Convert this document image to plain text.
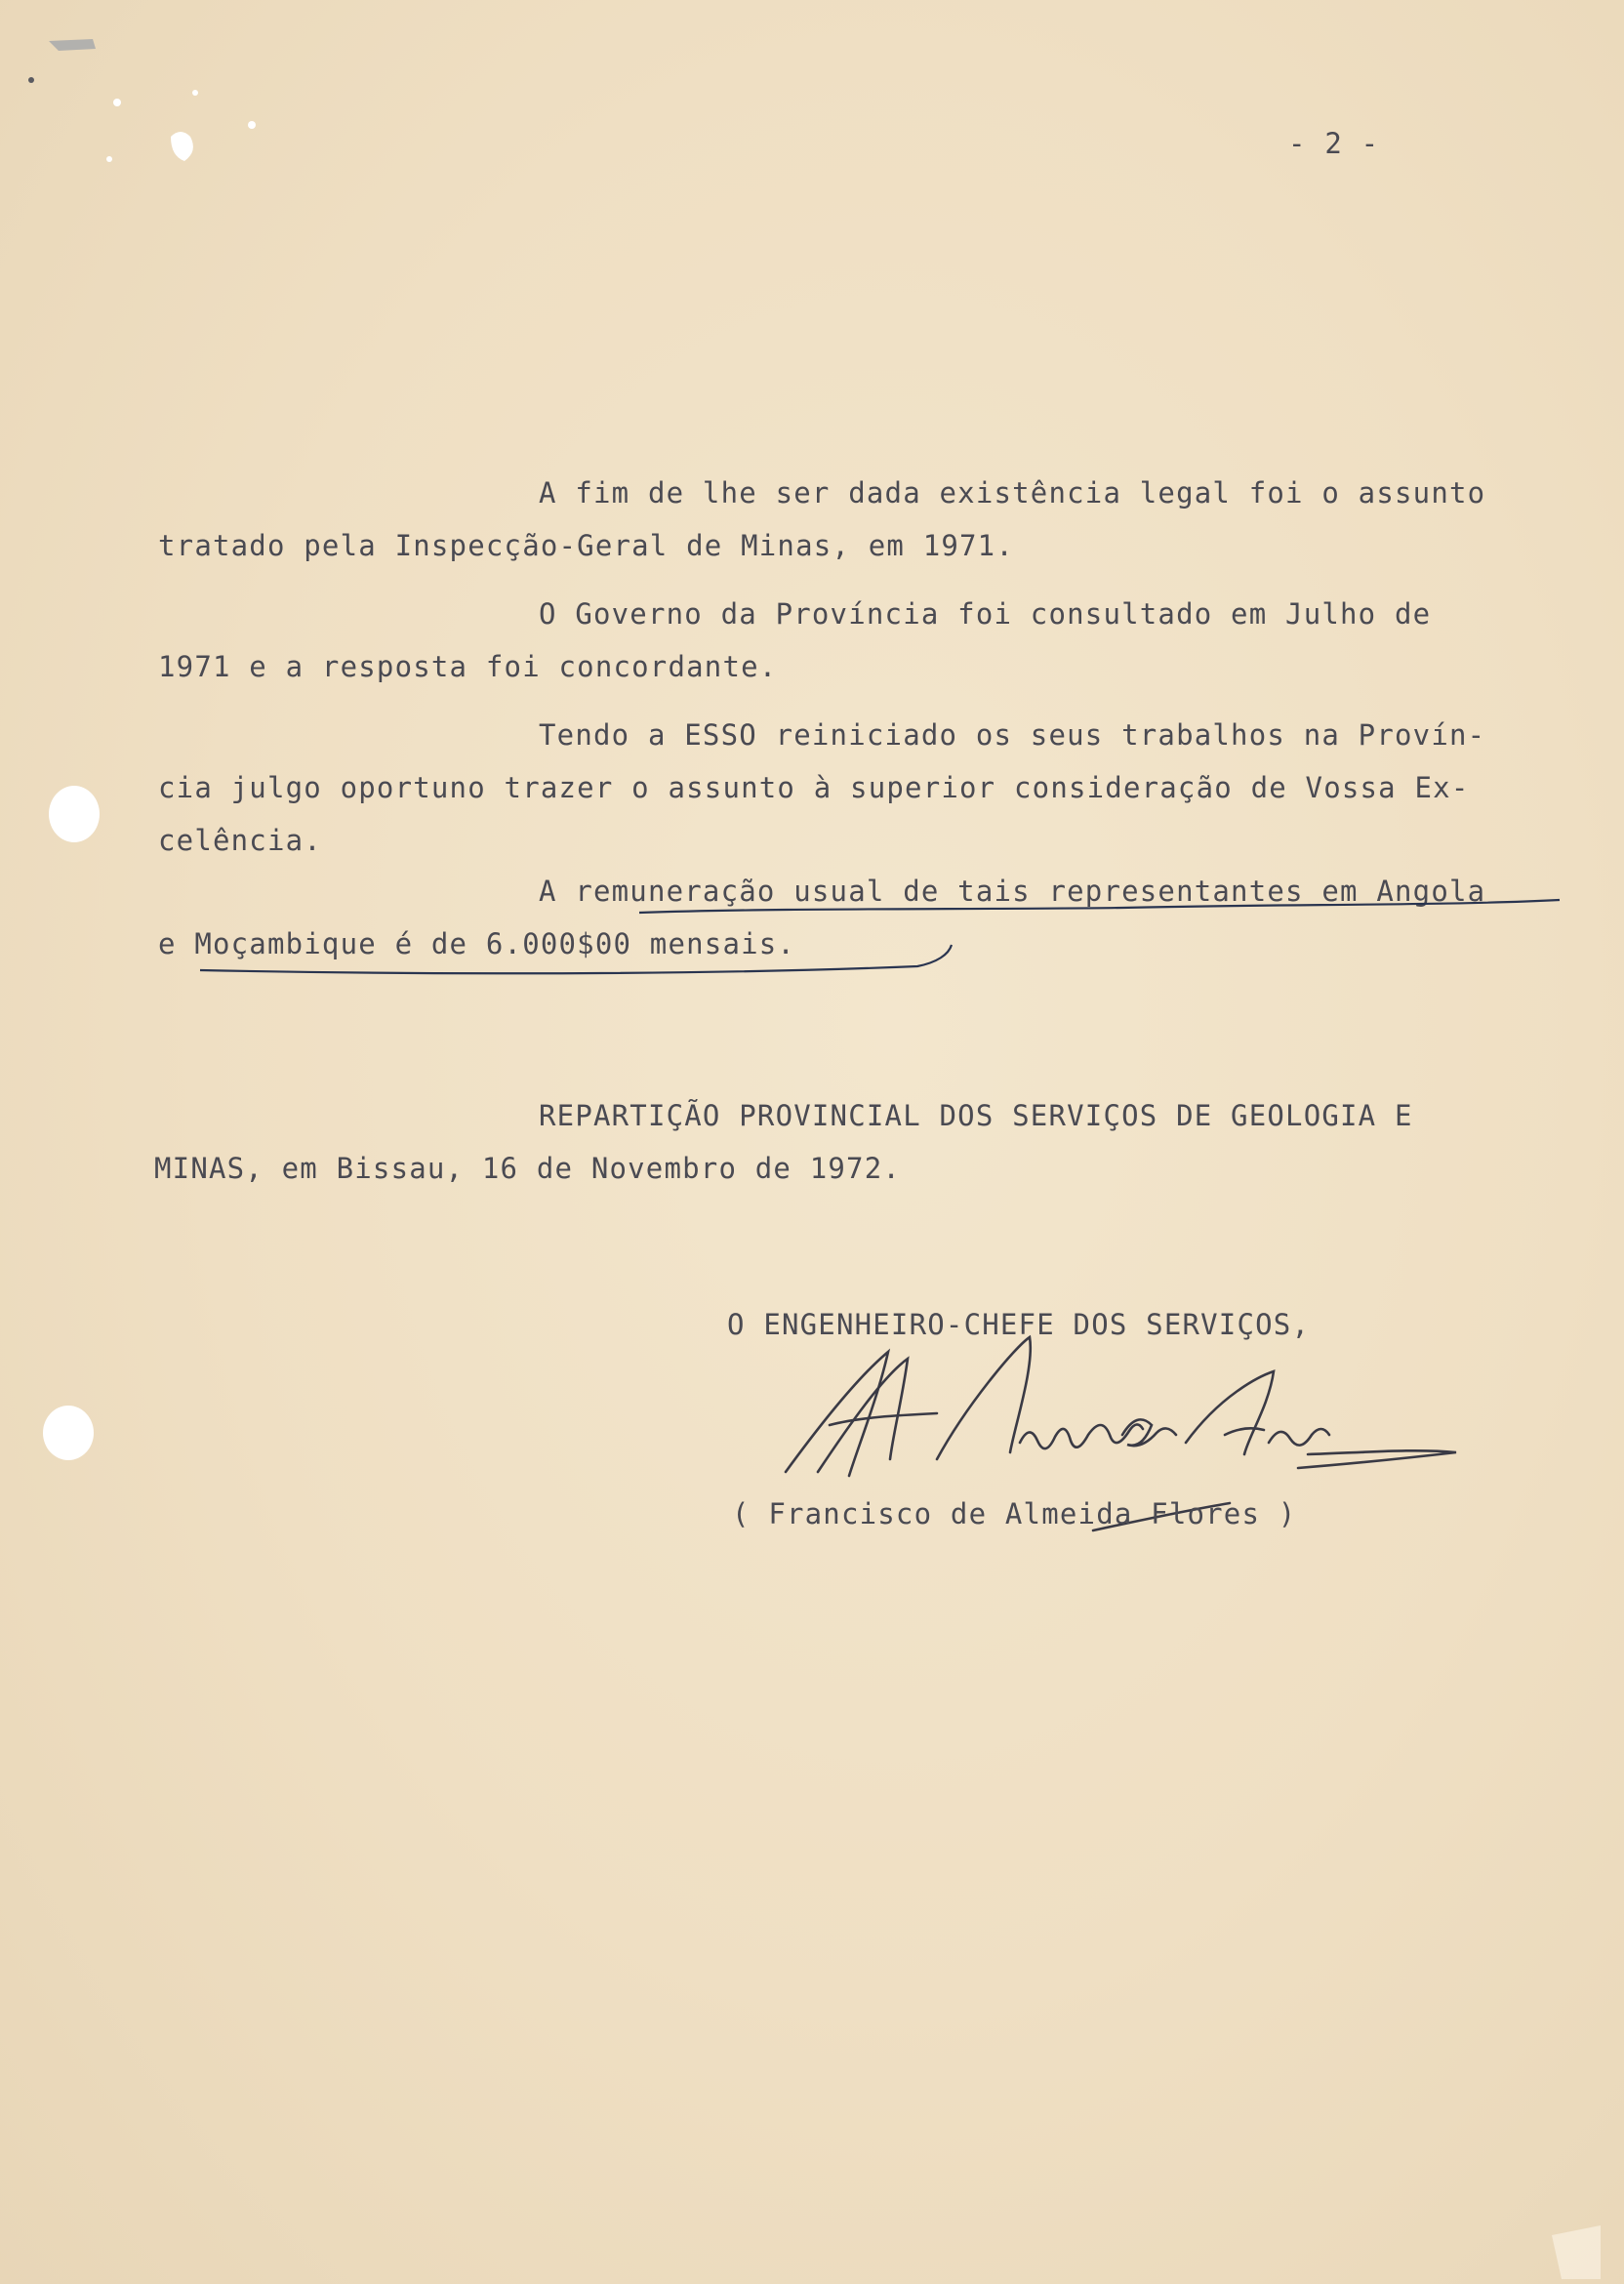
- 2 -
A fim de lhe ser dada existência legal foi o assunto
tratado pela Inspecção-Geral de Minas, em 1971.
O Governo da Província foi consultado em Julho de
1971 e a resposta foi concordante.
Tendo a ESSO reiniciado os seus trabalhos na Provín-
cia julgo oportuno trazer o assunto à superior consideração de Vossa Ex-
celência.
A remuneração usual de tais representantes em Angola
e Moçambique é de 6.000$00 mensais.
REPARTIÇÃO PROVINCIAL DOS SERVIÇOS DE GEOLOGIA E
MINAS, em Bissau, 16 de Novembro de 1972.
O ENGENHEIRO-CHEFE DOS SERVIÇOS,
( Francisco de Almeida Flores )
